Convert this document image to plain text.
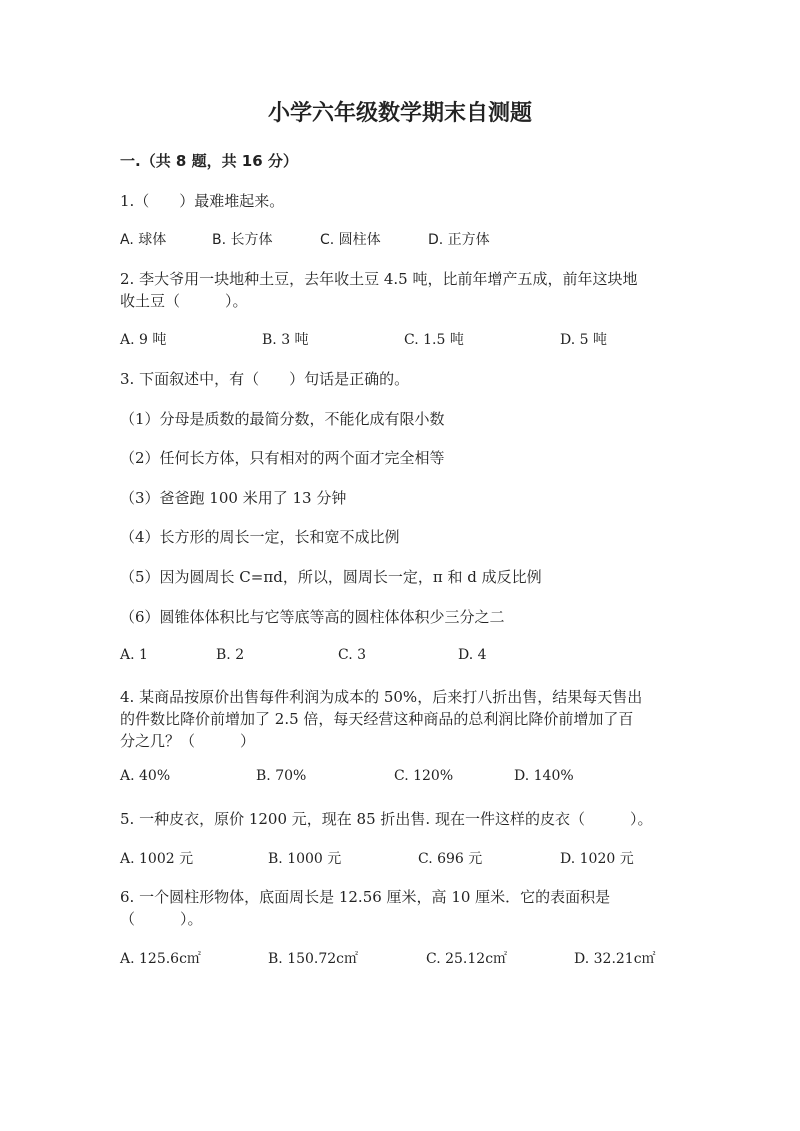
小学六年级数学期末自测题
一.（共 8 题，共 16 分）
1.（　　）最难堆起来。
A. 球体	B. 长方体	C. 圆柱体	D. 正方体
2. 李大爷用一块地种土豆，去年收土豆 4.5 吨，比前年增产五成，前年这块地
收土豆（　　　）。
A. 9 吨	B. 3 吨	C. 1.5 吨	D. 5 吨
3. 下面叙述中，有（　　）句话是正确的。
（1）分母是质数的最简分数，不能化成有限小数
（2）任何长方体，只有相对的两个面才完全相等
（3）爸爸跑 100 米用了 13 分钟
（4）长方形的周长一定，长和宽不成比例
（5）因为圆周长 C=πd，所以，圆周长一定，π 和 d 成反比例
（6）圆锥体体积比与它等底等高的圆柱体体积少三分之二
A. 1	B. 2	C. 3	D. 4
4. 某商品按原价出售每件利润为成本的 50%，后来打八折出售，结果每天售出
的件数比降价前增加了 2.5 倍，每天经营这种商品的总利润比降价前增加了百
分之几？（　　　）
A. 40%	B. 70%	C. 120%	D. 140%
5. 一种皮衣，原价 1200 元，现在 85 折出售. 现在一件这样的皮衣（　　　）。
A. 1002 元	B. 1000 元	C. 696 元	D. 1020 元
6. 一个圆柱形物体，底面周长是 12.56 厘米，高 10 厘米．它的表面积是
（　　　）。
A. 125.6c㎡	B. 150.72c㎡	C. 25.12c㎡	D. 32.21c㎡
